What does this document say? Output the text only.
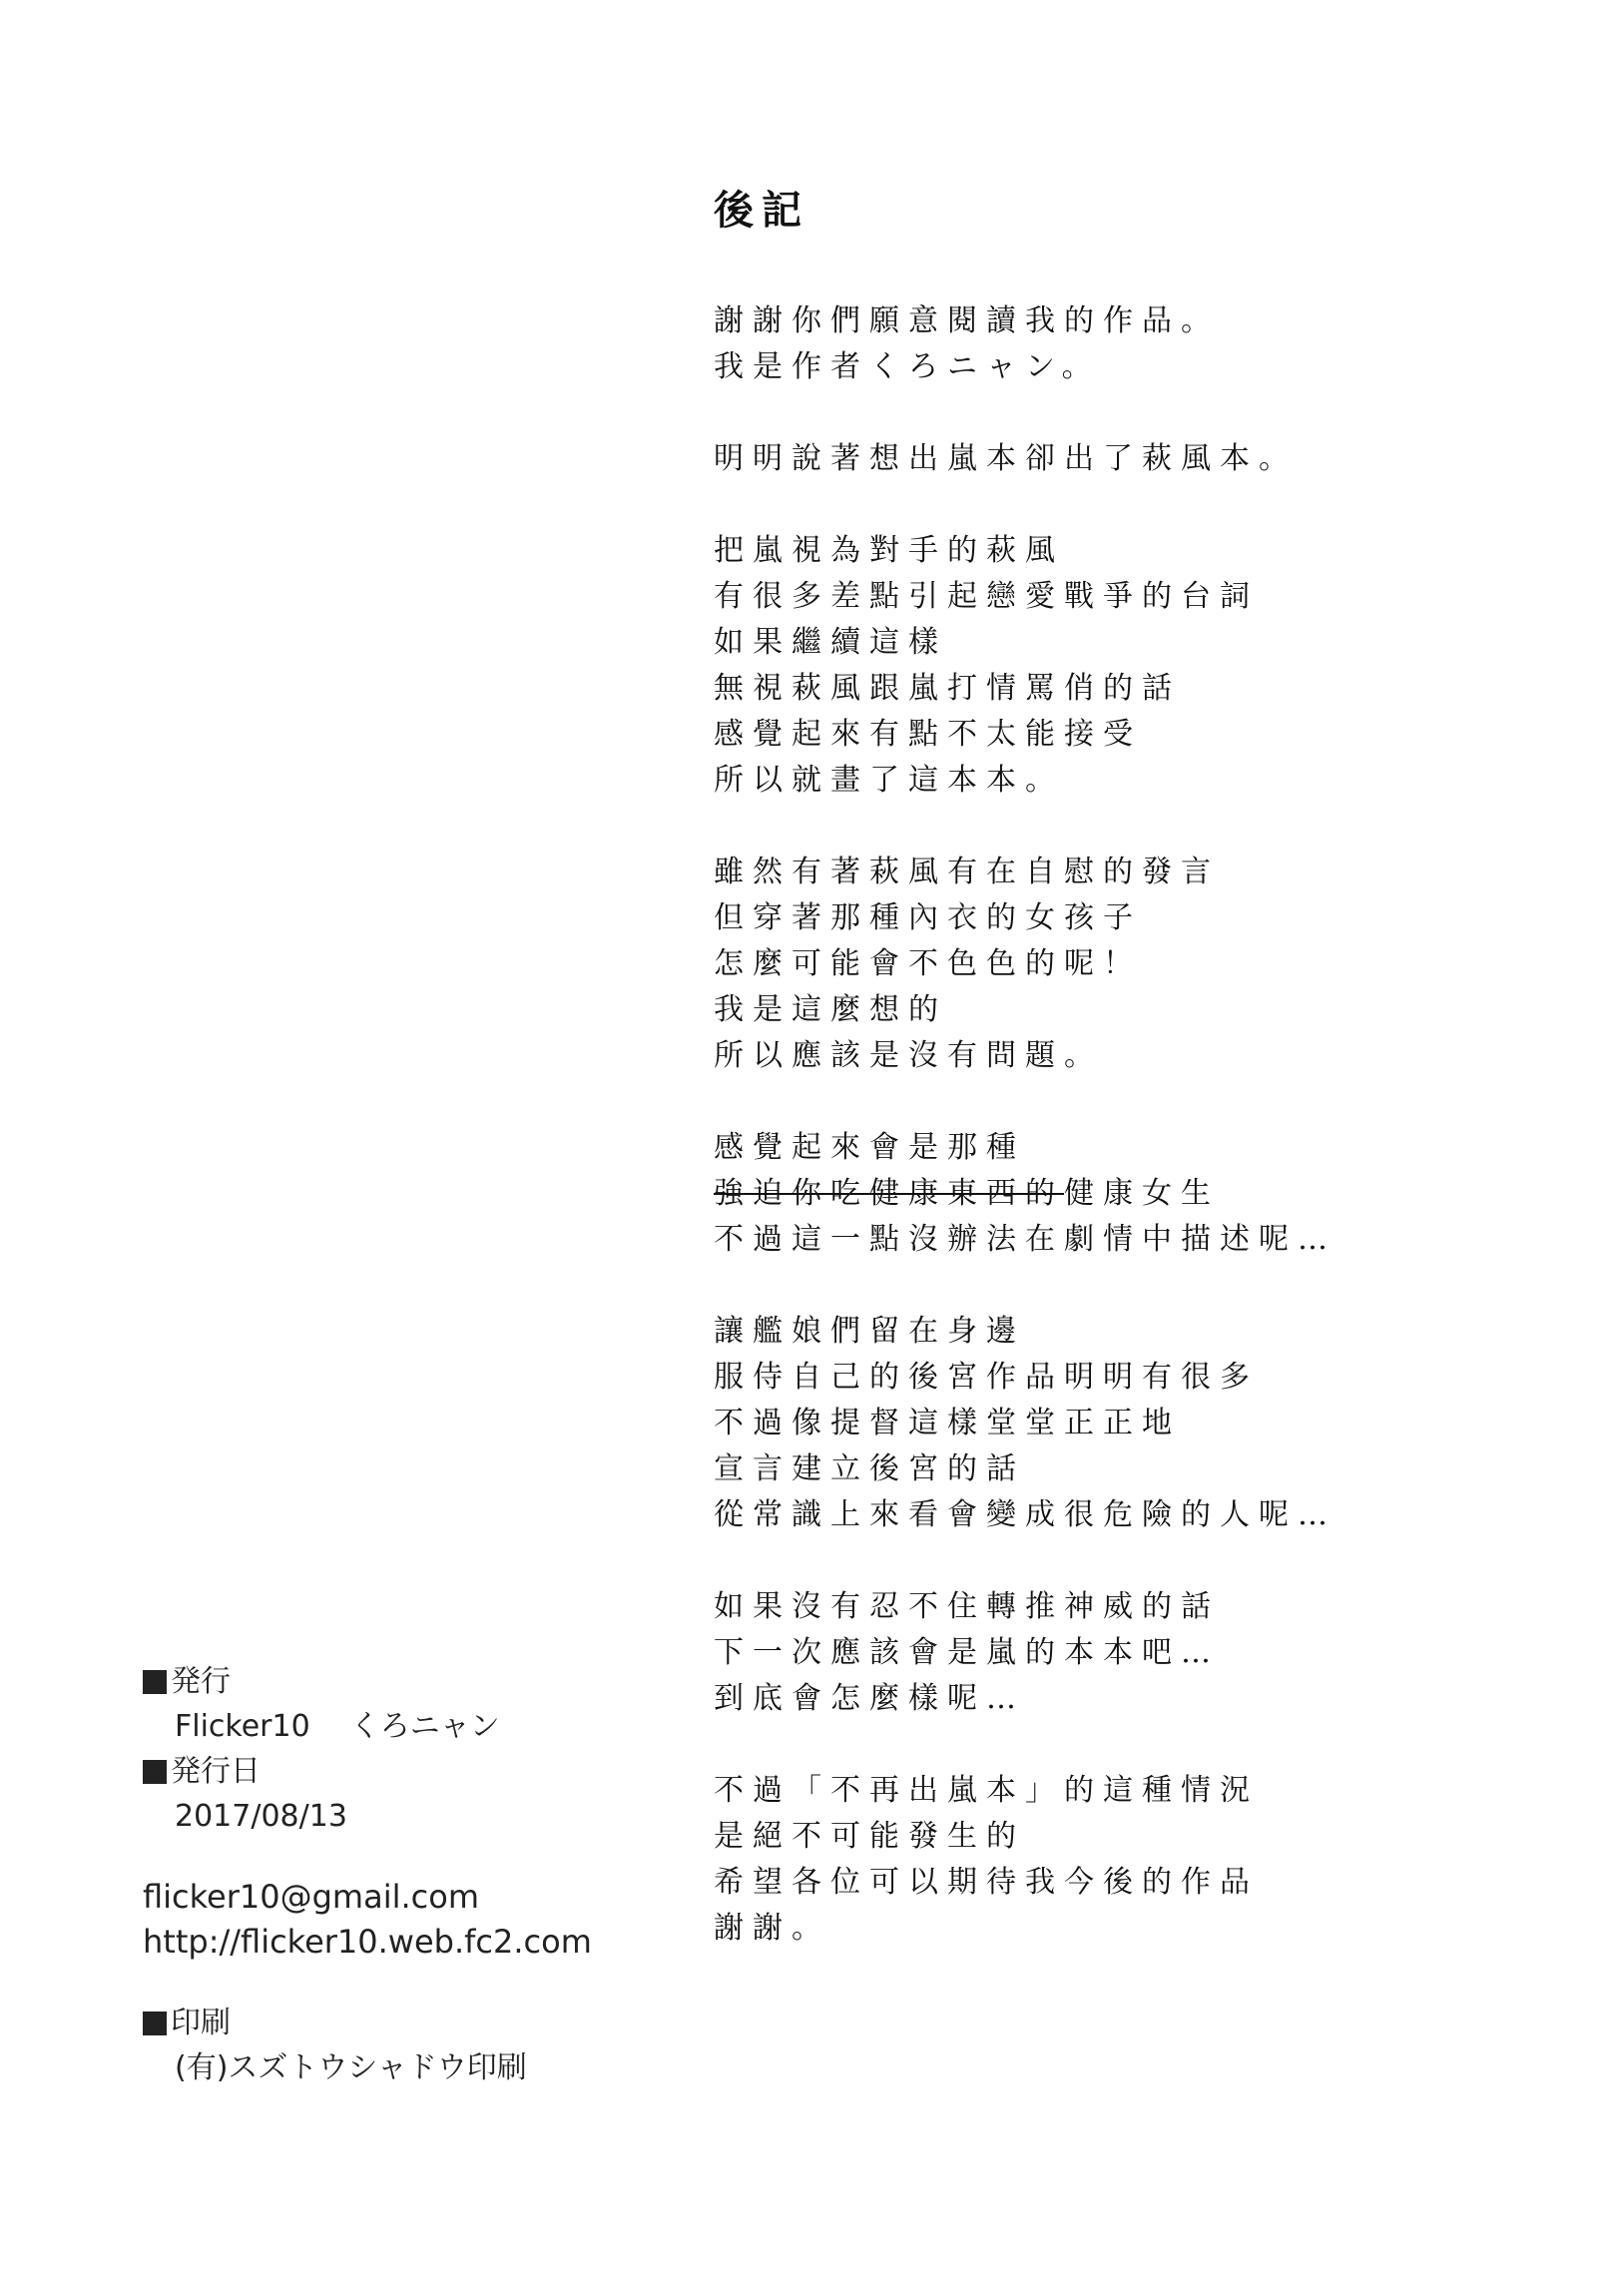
後記
謝謝你們願意閱讀我的作品。
我是作者くろニャン。
明明說著想出嵐本卻出了萩風本。
把嵐視為對手的萩風
有很多差點引起戀愛戰爭的台詞
如果繼續這樣
無視萩風跟嵐打情罵俏的話
感覺起來有點不太能接受
所以就畫了這本本。
雖然有著萩風有在自慰的發言
但穿著那種內衣的女孩子
怎麼可能會不色色的呢！
我是這麼想的
所以應該是沒有問題。
感覺起來會是那種
強迫你吃健康東西的健康女生
不過這一點沒辦法在劇情中描述呢…
讓艦娘們留在身邊
服侍自己的後宮作品明明有很多
不過像提督這樣堂堂正正地
宣言建立後宮的話
從常識上來看會變成很危險的人呢…
如果沒有忍不住轉推神威的話
下一次應該會是嵐的本本吧…
到底會怎麼樣呢…
不過「不再出嵐本」的這種情況
是絕不可能發生的
希望各位可以期待我今後的作品
謝謝。
発行
Flicker10 くろニャン
発行日
2017/08/13
flicker10@gmail.com
http://flicker10.web.fc2.com
印刷
(有)スズトウシャドウ印刷
